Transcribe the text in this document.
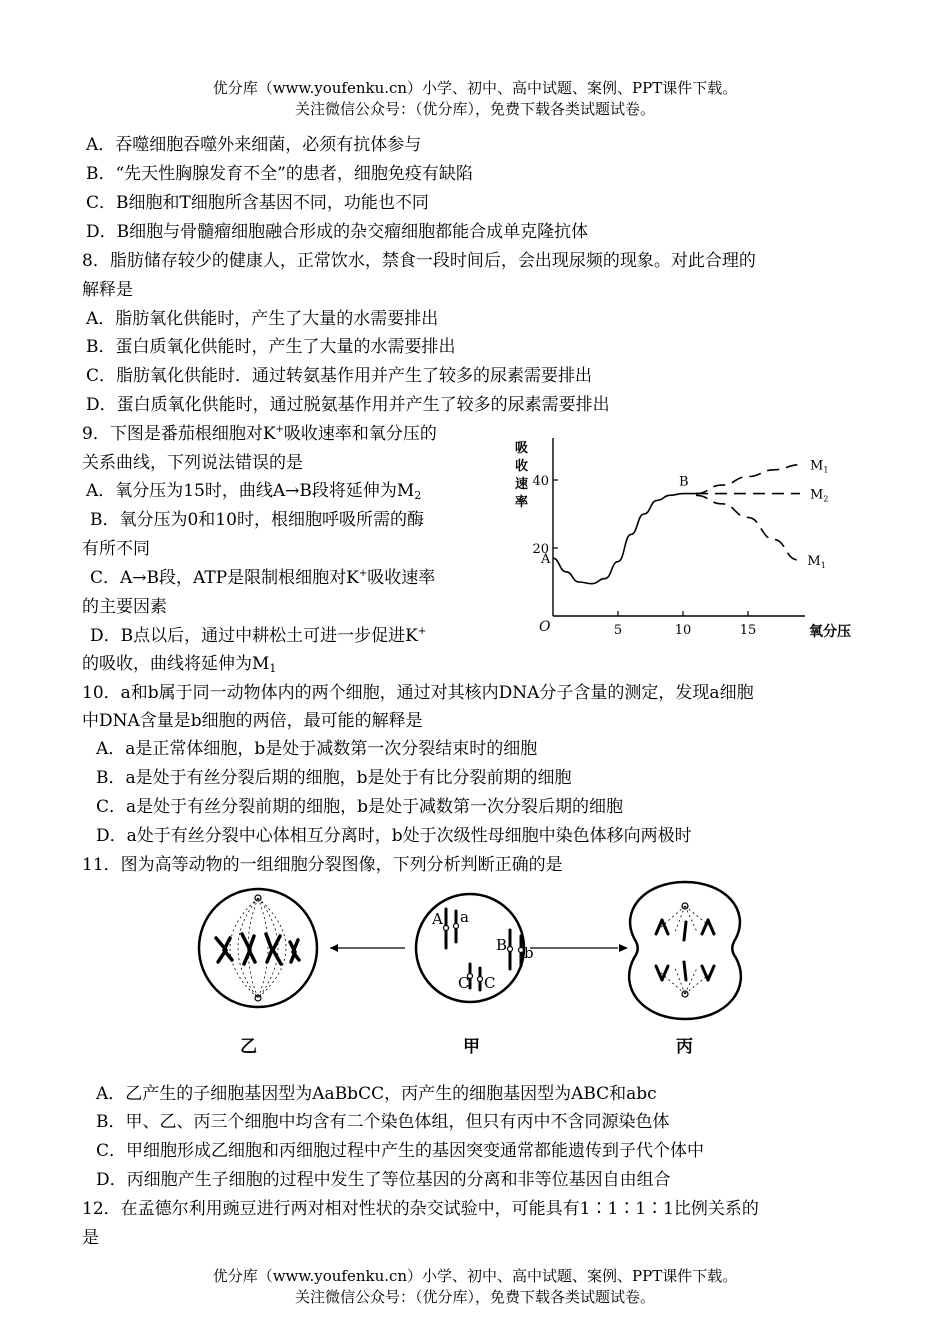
优分库（www.youfenku.cn）小学、初中、高中试题、案例、PPT课件下载。
关注微信公众号：（优分库），免费下载各类试题试卷。
A．吞噬细胞吞噬外来细菌，必须有抗体参与
B．“先天性胸腺发育不全”的患者，细胞免疫有缺陷
C．B细胞和T细胞所含基因不同，功能也不同
D．B细胞与骨髓瘤细胞融合形成的杂交瘤细胞都能合成单克隆抗体
8．脂肪储存较少的健康人，正常饮水，禁食一段时间后，会出现尿频的现象。对此合理的
解释是
A．脂肪氧化供能时，产生了大量的水需要排出
B．蛋白质氧化供能时，产生了大量的水需要排出
C．脂肪氧化供能时．通过转氨基作用并产生了较多的尿素需要排出
D．蛋白质氧化供能时，通过脱氨基作用并产生了较多的尿素需要排出
9．下图是番茄根细胞对K+吸收速率和氧分压的
关系曲线，下列说法错误的是
A．氧分压为15时，曲线A→B段将延伸为$M_2$
B．氧分压为0和10时，根细胞呼吸所需的酶
有所不同
C．A→B段，ATP是限制根细胞对K+吸收速率
的主要因素
D．B点以后，通过中耕松土可进一步促进K+
的吸收，曲线将延伸为$M_1$
吸
收
速
率
氧分压
O	5	10	15
20
40
$M_1$
$M_2$
$M_1$
A
B
10．a和b属于同一动物体内的两个细胞，通过对其核内DNA分子含量的测定，发现a细胞
中DNA含量是b细胞的两倍，最可能的解释是
A．a是正常体细胞，b是处于减数第一次分裂结束时的细胞
B．a是处于有丝分裂后期的细胞，b是处于有比分裂前期的细胞
C．a是处于有丝分裂前期的细胞，b是处于减数第一次分裂后期的细胞
D．a处于有丝分裂中心体相互分离时，b处于次级性母细胞中染色体移向两极时
11．图为高等动物的一组细胞分裂图像，下列分析判断正确的是
A a
B b
C C
乙	甲	丙
A．乙产生的子细胞基因型为AaBbCC，丙产生的细胞基因型为ABC和abc
B．甲、乙、丙三个细胞中均含有二个染色体组，但只有丙中不含同源染色体
C．甲细胞形成乙细胞和丙细胞过程中产生的基因突变通常都能遗传到子代个体中
D．丙细胞产生子细胞的过程中发生了等位基因的分离和非等位基因自由组合
12．在孟德尔利用豌豆进行两对相对性状的杂交试验中，可能具有1∶1∶1∶1比例关系的
是
优分库（www.youfenku.cn）小学、初中、高中试题、案例、PPT课件下载。
关注微信公众号：（优分库），免费下载各类试题试卷。
